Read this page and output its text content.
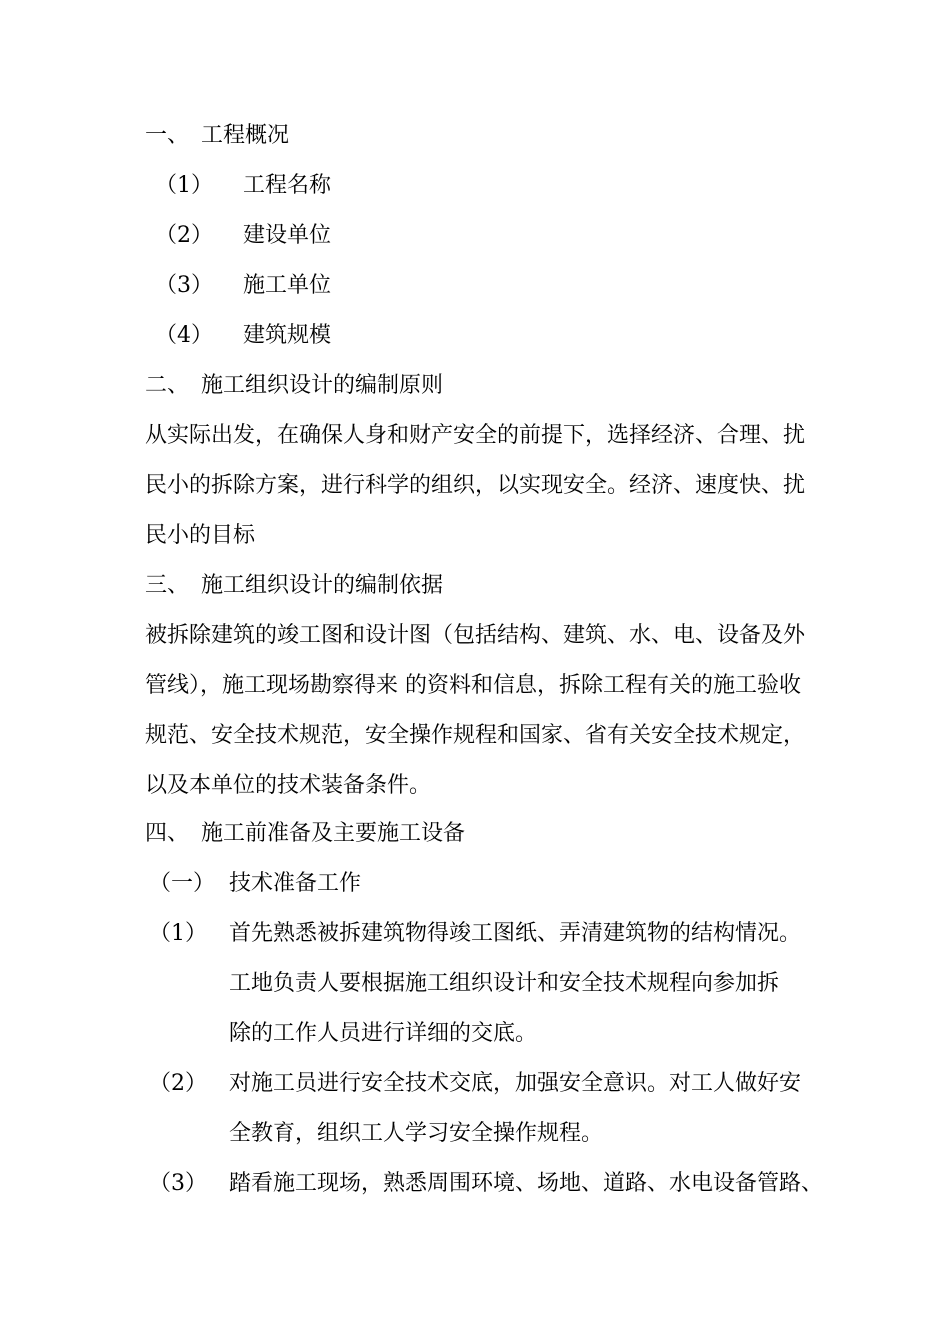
一、 工程概况
（1） 工程名称
（2） 建设单位
（3） 施工单位
（4） 建筑规模
二、 施工组织设计的编制原则
从实际出发，在确保人身和财产安全的前提下，选择经济、合理、扰
民小的拆除方案，进行科学的组织，以实现安全。经济、速度快、扰
民小的目标
三、 施工组织设计的编制依据
被拆除建筑的竣工图和设计图（包括结构、建筑、水、电、设备及外
管线），施工现场勘察得来 的资料和信息，拆除工程有关的施工验收
规范、安全技术规范，安全操作规程和国家、省有关安全技术规定，
以及本单位的技术装备条件。
四、 施工前准备及主要施工设备
（一） 技术准备工作
（1） 首先熟悉被拆建筑物得竣工图纸、弄清建筑物的结构情况。
工地负责人要根据施工组织设计和安全技术规程向参加拆
除的工作人员进行详细的交底。
（2） 对施工员进行安全技术交底，加强安全意识。对工人做好安
全教育，组织工人学习安全操作规程。
（3） 踏看施工现场，熟悉周围环境、场地、道路、水电设备管路、
